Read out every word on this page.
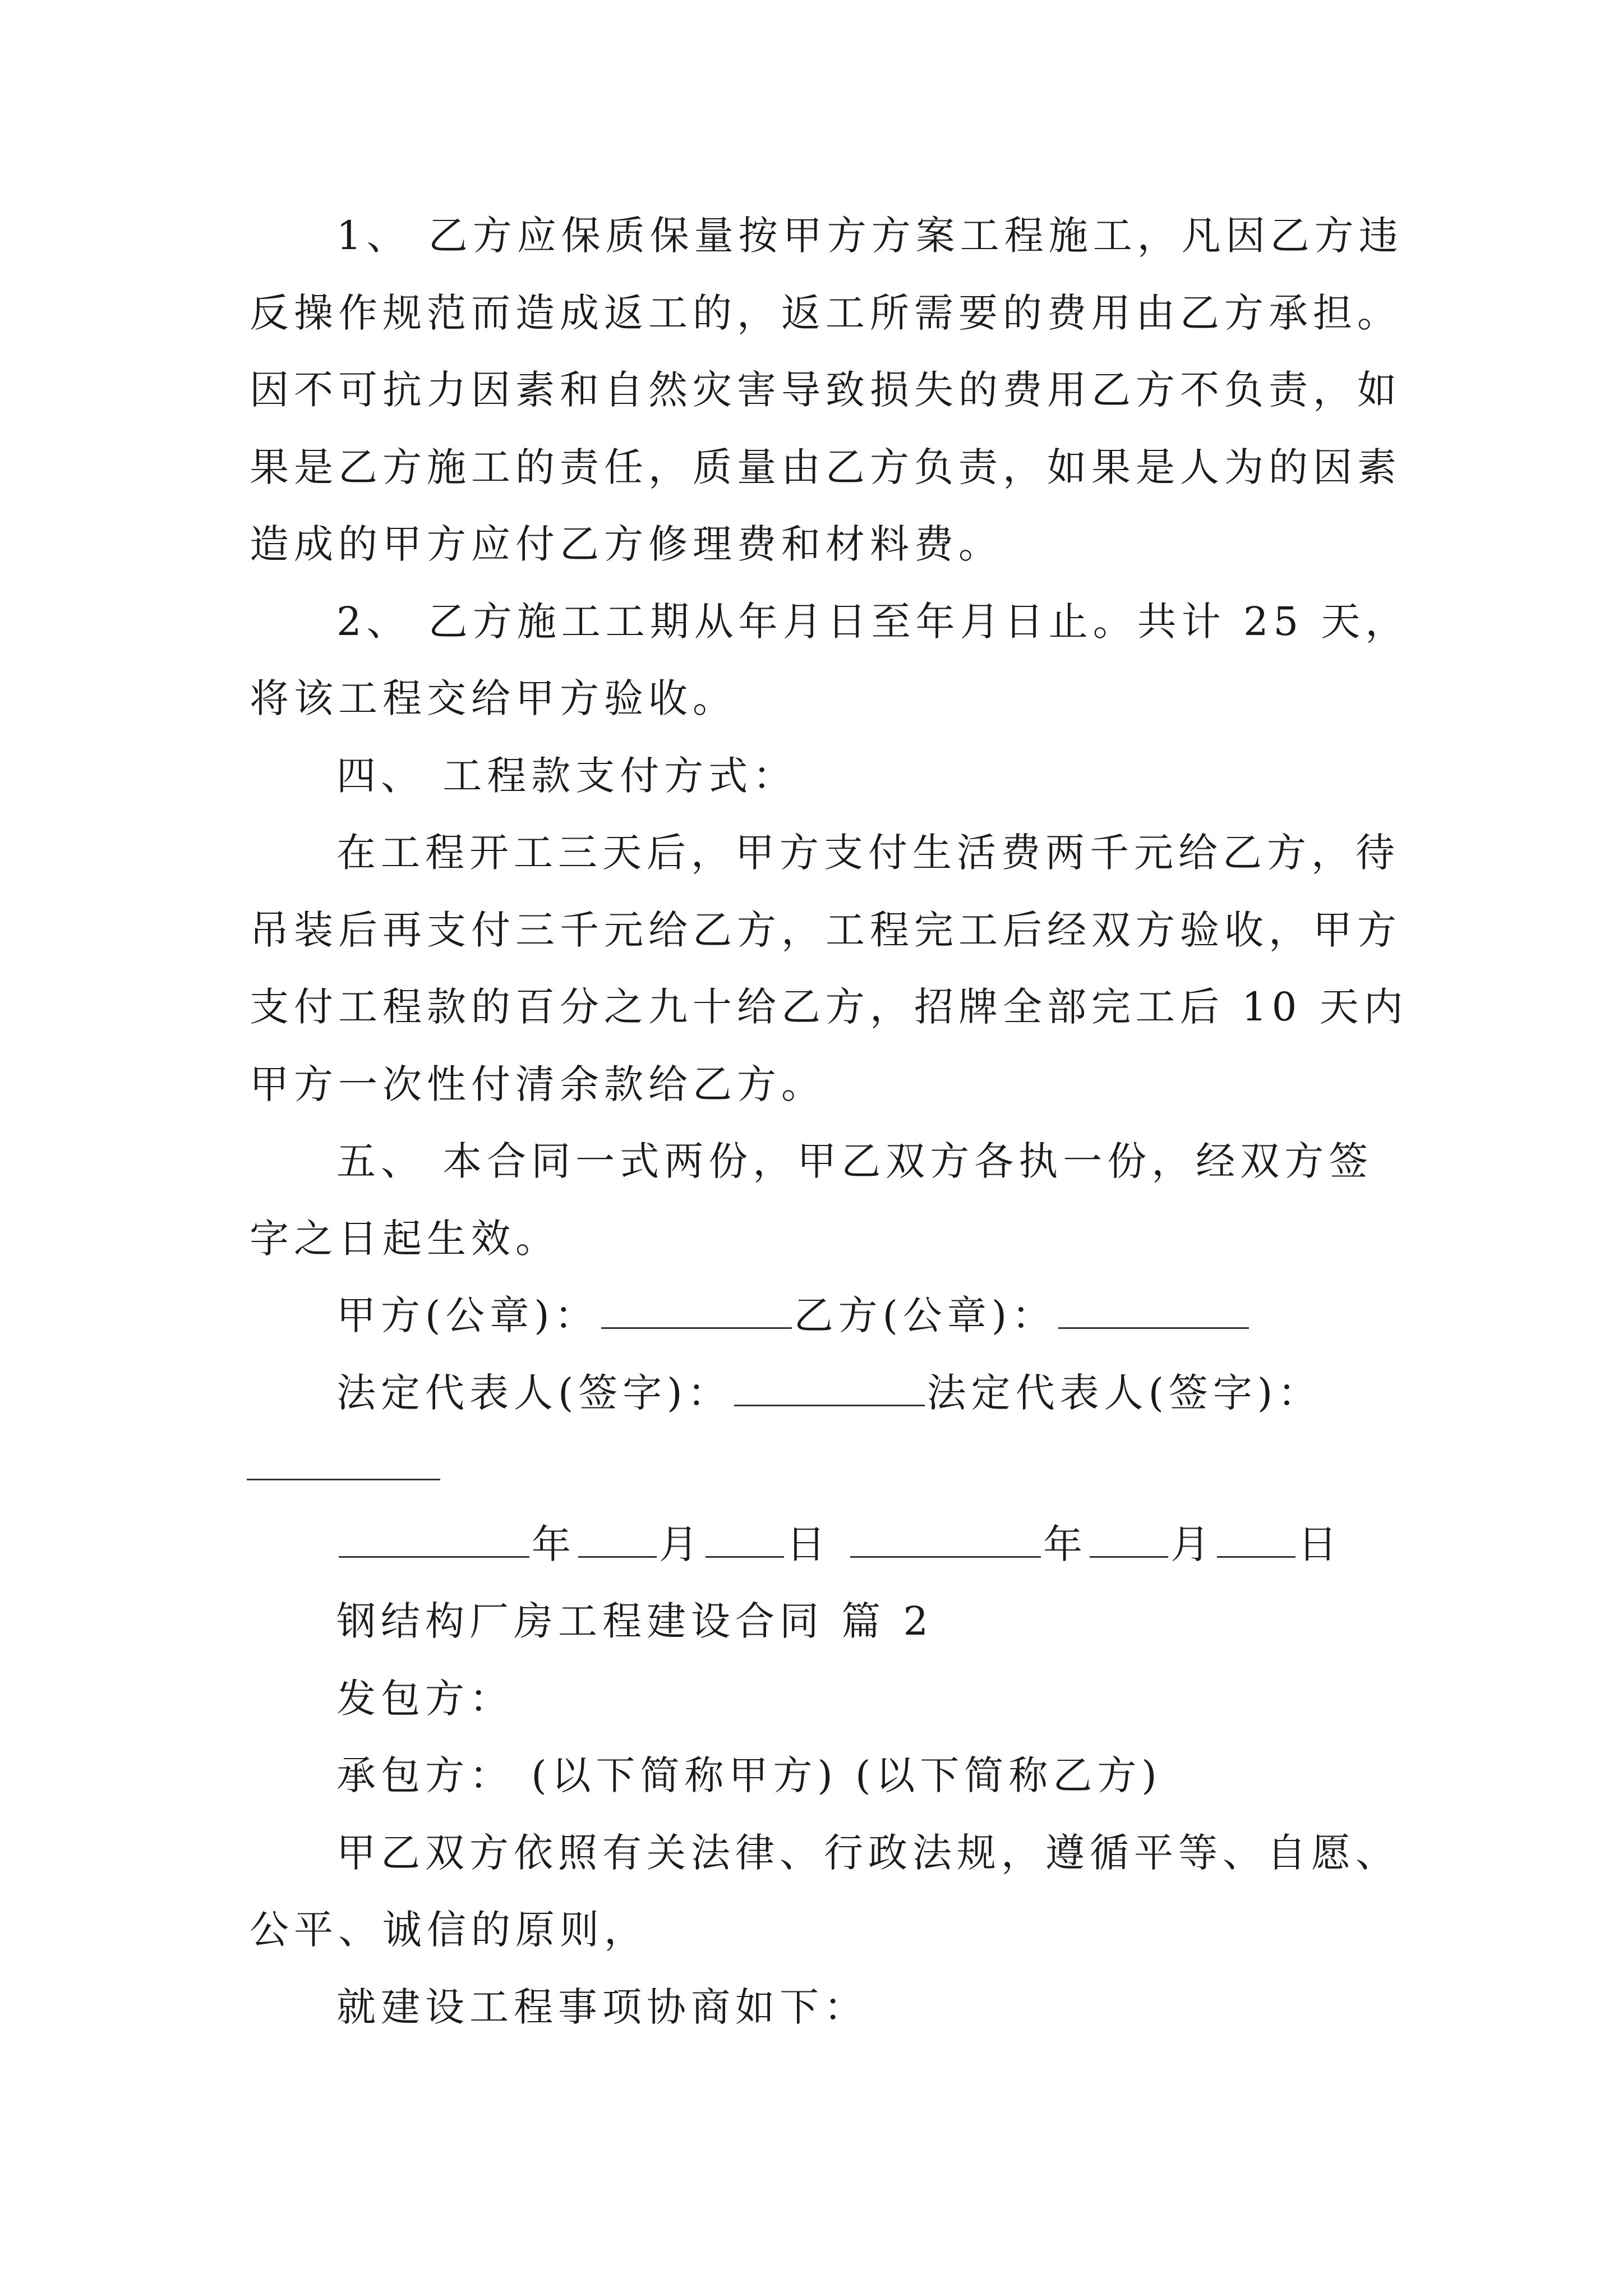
1、 乙方应保质保量按甲方方案工程施工，凡因乙方违

反操作规范而造成返工的，返工所需要的费用由乙方承担。

因不可抗力因素和自然灾害导致损失的费用乙方不负责，如

果是乙方施工的责任，质量由乙方负责，如果是人为的因素

造成的甲方应付乙方修理费和材料费。

2、 乙方施工工期从年月日至年月日止。共计 25 天，

将该工程交给甲方验收。

四、 工程款支付方式：

在工程开工三天后，甲方支付生活费两千元给乙方，待

吊装后再支付三千元给乙方，工程完工后经双方验收，甲方

支付工程款的百分之九十给乙方，招牌全部完工后 10 天内

甲方一次性付清余款给乙方。

五、 本合同一式两份，甲乙双方各执一份，经双方签

字之日起生效。

甲方(公章)：	乙方(公章)：

法定代表人(签字)：	法定代表人(签字)：

年 月 日	年 月 日

钢结构厂房工程建设合同 篇 2

发包方：

承包方： (以下简称甲方) (以下简称乙方)

甲乙双方依照有关法律、行政法规，遵循平等、自愿、

公平、诚信的原则，

就建设工程事项协商如下：
